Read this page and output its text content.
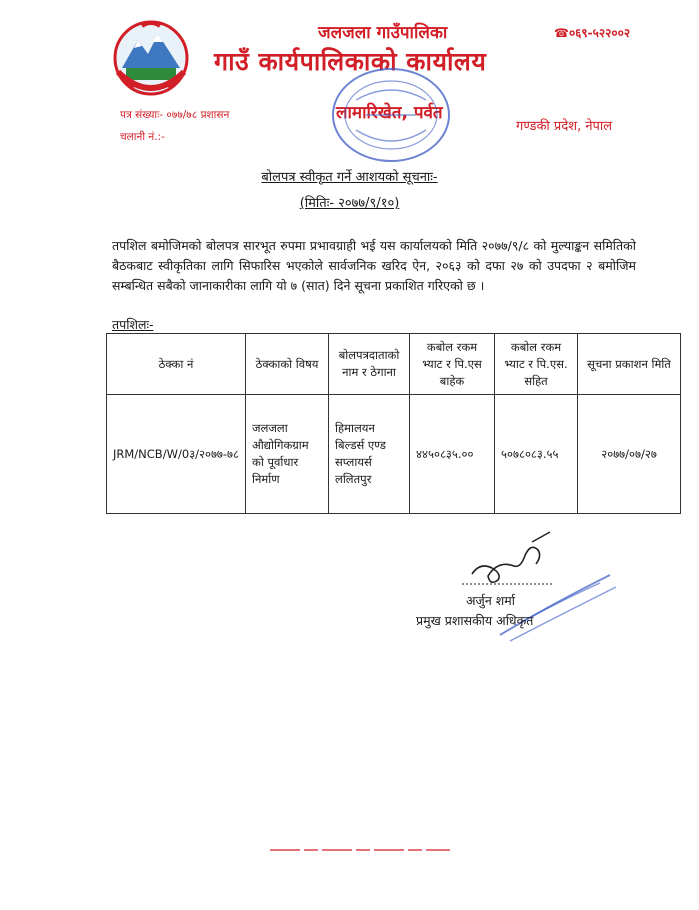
जलजला गाउँपालिका	☎०६९-५२२००२
गाउँ कार्यपालिकाको कार्यालय
लामारिखेत, पर्वत
गण्डकी प्रदेश, नेपाल
पत्र संख्याः- ०७७/७८ प्रशासन
चलानी नं.:-
बोलपत्र स्वीकृत गर्ने आशयको सूचनाः-
(मितिः- २०७७/९/१०)
तपशिल बमोजिमको बोलपत्र सारभूत रुपमा प्रभावग्राही भई यस कार्यालयको मिति २०७७/९/८ को मुल्याङ्कन समितिको बैठकबाट स्वीकृतिका लागि सिफारिस भएकोले सार्वजनिक खरिद ऐन, २०६३ को दफा २७ को उपदफा २ बमोजिम सम्बन्धित सबैको जानाकारीका लागि यो ७ (सात) दिने सूचना प्रकाशित गरिएको छ ।
तपशिलः-
ठेक्का नं	ठेक्काको विषय	बोलपत्रदाताको नाम र ठेगाना	कबोल रकम भ्याट र पि.एस बाहेक	कबोल रकम भ्याट र पि.एस. सहित	सूचना प्रकाशन मिति
JRM/NCB/W/0३/२०७७-७८	जलजला औद्योगिकग्राम को पूर्वाधार निर्माण	हिमालयन बिल्डर्स एण्ड सप्लायर्स ललितपुर	४४५०८३५.००	५०७८०८३.५५	२०७७/०७/२७
अर्जुन शर्मा
प्रमुख प्रशासकीय अधिकृत
